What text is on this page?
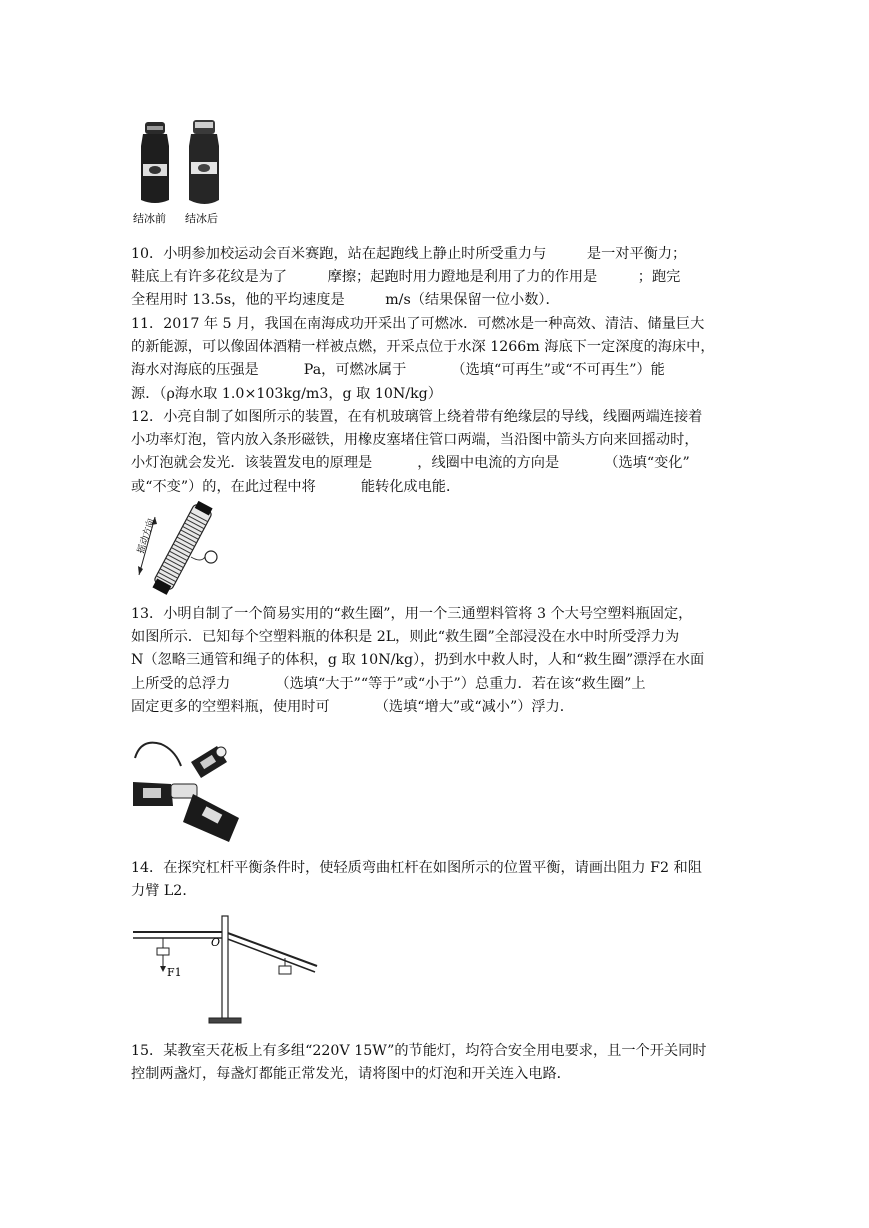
结冰前 结冰后
10．小明参加校运动会百米赛跑，站在起跑线上静止时所受重力与         是一对平衡力；
鞋底上有许多花纹是为了         摩擦；起跑时用力蹬地是利用了力的作用是         ；跑完
全程用时 13.5s，他的平均速度是         m/s（结果保留一位小数）．
11．2017 年 5 月，我国在南海成功开采出了可燃冰．可燃冰是一种高效、清洁、储量巨大
的新能源，可以像固体酒精一样被点燃，开采点位于水深 1266m 海底下一定深度的海床中，
海水对海底的压强是          Pa，可燃冰属于          （选填“可再生”或“不可再生”）能
源．（ρ海水取 1.0×103kg/m3，g 取 10N/kg）
12．小亮自制了如图所示的装置，在有机玻璃管上绕着带有绝缘层的导线，线圈两端连接着
小功率灯泡，管内放入条形磁铁，用橡皮塞堵住管口两端，当沿图中箭头方向来回摇动时，
小灯泡就会发光．该装置发电的原理是          ，线圈中电流的方向是          （选填“变化”
或“不变”）的，在此过程中将          能转化成电能．
摇动方向
13．小明自制了一个简易实用的“救生圈”，用一个三通塑料管将 3 个大号空塑料瓶固定，
如图所示．已知每个空塑料瓶的体积是 2L，则此“救生圈”全部浸没在水中时所受浮力为
N（忽略三通管和绳子的体积，g 取 10N/kg），扔到水中救人时，人和“救生圈”漂浮在水面
上所受的总浮力          （选填“大于”“等于”或“小于”）总重力．若在该“救生圈”上
固定更多的空塑料瓶，使用时可          （选填“增大”或“减小”）浮力．
14．在探究杠杆平衡条件时，使轻质弯曲杠杆在如图所示的位置平衡，请画出阻力 F2 和阻
力臂 L2．
O
F1
15．某教室天花板上有多组“220V 15W”的节能灯，均符合安全用电要求，且一个开关同时
控制两盏灯，每盏灯都能正常发光，请将图中的灯泡和开关连入电路．
